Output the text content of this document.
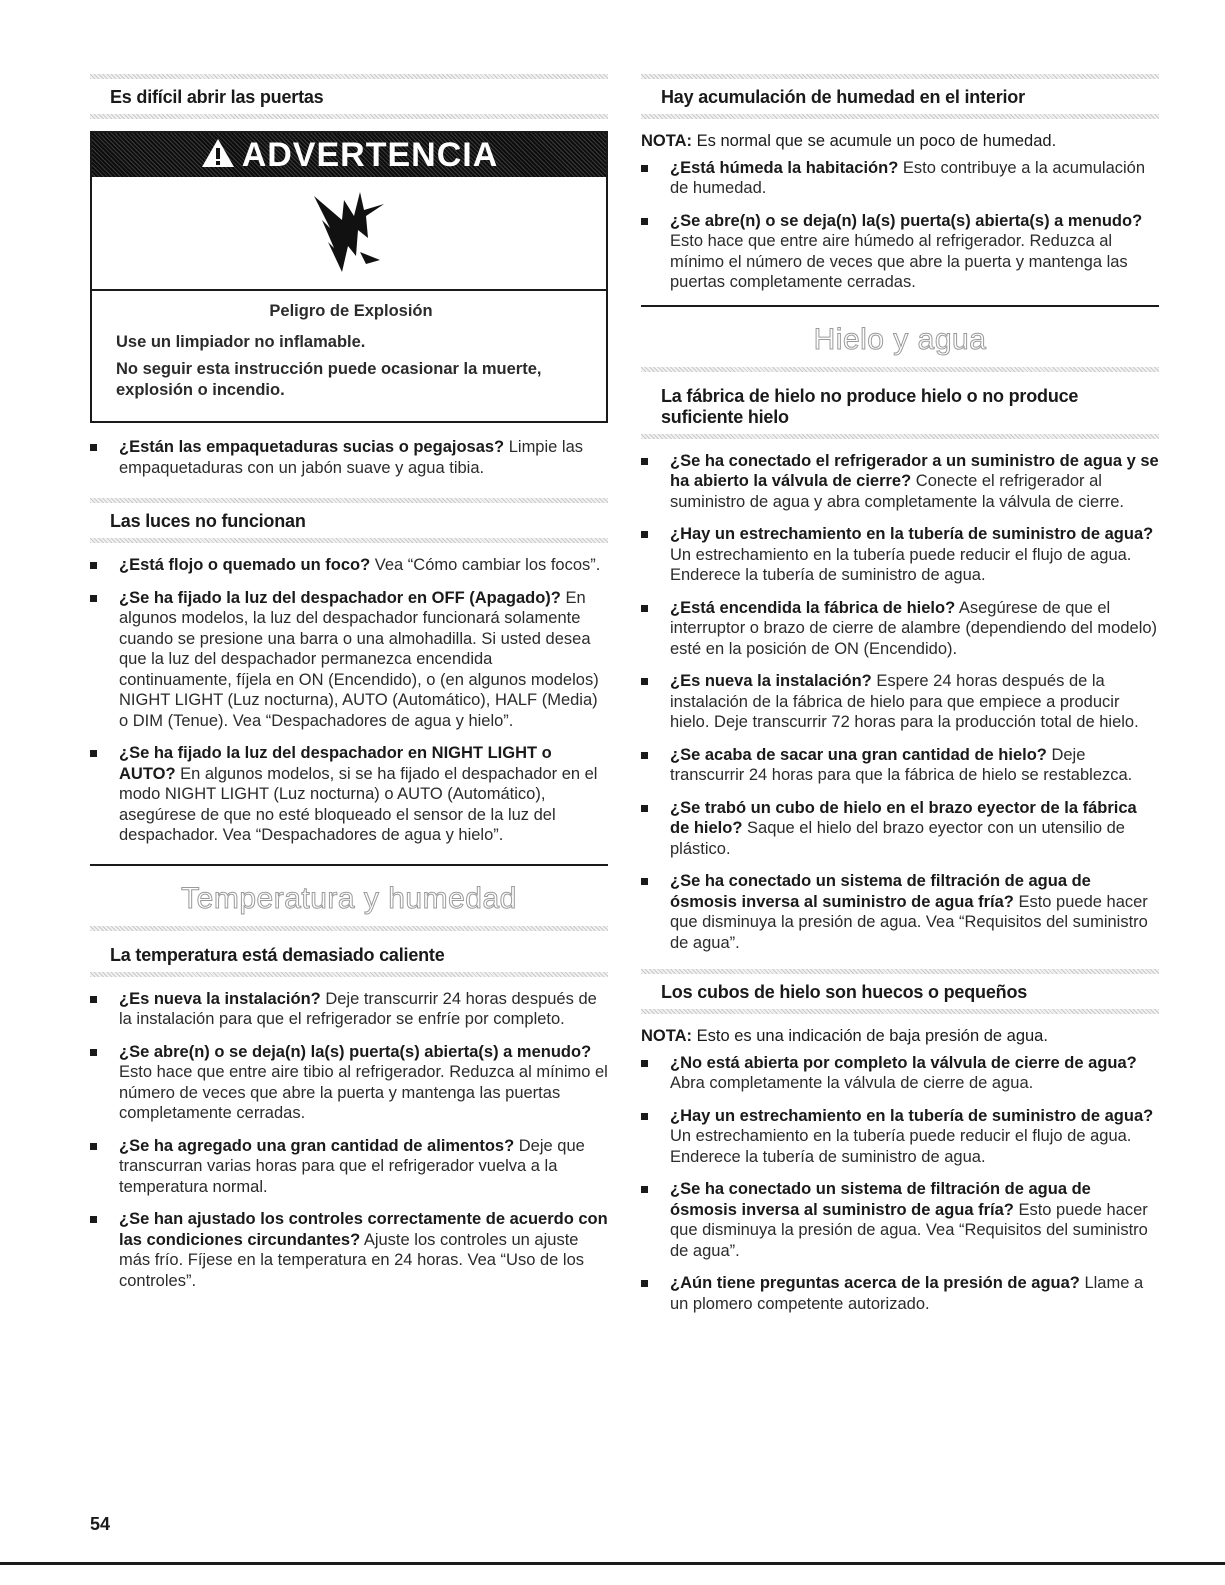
Es difícil abrir las puertas
ADVERTENCIA
Peligro de Explosión

Use un limpiador no inflamable.

No seguir esta instrucción puede ocasionar la muerte, explosión o incendio.

¿Están las empaquetaduras sucias o pegajosas? Limpie las empaquetaduras con un jabón suave y agua tibia.
Las luces no funcionan
¿Está flojo o quemado un foco? Vea “Cómo cambiar los focos”.
¿Se ha fijado la luz del despachador en OFF (Apagado)? En algunos modelos, la luz del despachador funcionará solamente cuando se presione una barra o una almohadilla. Si usted desea que la luz del despachador permanezca encendida continuamente, fíjela en ON (Encendido), o (en algunos modelos) NIGHT LIGHT (Luz nocturna), AUTO (Automático), HALF (Media) o DIM (Tenue). Vea “Despachadores de agua y hielo”.
¿Se ha fijado la luz del despachador en NIGHT LIGHT o AUTO? En algunos modelos, si se ha fijado el despachador en el modo NIGHT LIGHT (Luz nocturna) o AUTO (Automático), asegúrese de que no esté bloqueado el sensor de la luz del despachador. Vea “Despachadores de agua y hielo”.
Temperatura y humedad
La temperatura está demasiado caliente
¿Es nueva la instalación? Deje transcurrir 24 horas después de la instalación para que el refrigerador se enfríe por completo.
¿Se abre(n) o se deja(n) la(s) puerta(s) abierta(s) a menudo? Esto hace que entre aire tibio al refrigerador. Reduzca al mínimo el número de veces que abre la puerta y mantenga las puertas completamente cerradas.
¿Se ha agregado una gran cantidad de alimentos? Deje que transcurran varias horas para que el refrigerador vuelva a la temperatura normal.
¿Se han ajustado los controles correctamente de acuerdo con las condiciones circundantes? Ajuste los controles un ajuste más frío. Fíjese en la temperatura en 24 horas. Vea “Uso de los controles”.
Hay acumulación de humedad en el interior
NOTA: Es normal que se acumule un poco de humedad.
¿Está húmeda la habitación? Esto contribuye a la acumulación de humedad.
¿Se abre(n) o se deja(n) la(s) puerta(s) abierta(s) a menudo? Esto hace que entre aire húmedo al refrigerador. Reduzca al mínimo el número de veces que abre la puerta y mantenga las puertas completamente cerradas.
Hielo y agua
La fábrica de hielo no produce hielo o no produce suficiente hielo
¿Se ha conectado el refrigerador a un suministro de agua y se ha abierto la válvula de cierre? Conecte el refrigerador al suministro de agua y abra completamente la válvula de cierre.
¿Hay un estrechamiento en la tubería de suministro de agua? Un estrechamiento en la tubería puede reducir el flujo de agua. Enderece la tubería de suministro de agua.
¿Está encendida la fábrica de hielo? Asegúrese de que el interruptor o brazo de cierre de alambre (dependiendo del modelo) esté en la posición de ON (Encendido).
¿Es nueva la instalación? Espere 24 horas después de la instalación de la fábrica de hielo para que empiece a producir hielo. Deje transcurrir 72 horas para la producción total de hielo.
¿Se acaba de sacar una gran cantidad de hielo? Deje transcurrir 24 horas para que la fábrica de hielo se restablezca.
¿Se trabó un cubo de hielo en el brazo eyector de la fábrica de hielo? Saque el hielo del brazo eyector con un utensilio de plástico.
¿Se ha conectado un sistema de filtración de agua de ósmosis inversa al suministro de agua fría? Esto puede hacer que disminuya la presión de agua. Vea “Requisitos del suministro de agua”.
Los cubos de hielo son huecos o pequeños
NOTA: Esto es una indicación de baja presión de agua.
¿No está abierta por completo la válvula de cierre de agua? Abra completamente la válvula de cierre de agua.
¿Hay un estrechamiento en la tubería de suministro de agua? Un estrechamiento en la tubería puede reducir el flujo de agua. Enderece la tubería de suministro de agua.
¿Se ha conectado un sistema de filtración de agua de ósmosis inversa al suministro de agua fría? Esto puede hacer que disminuya la presión de agua. Vea “Requisitos del suministro de agua”.
¿Aún tiene preguntas acerca de la presión de agua? Llame a un plomero competente autorizado.
54
